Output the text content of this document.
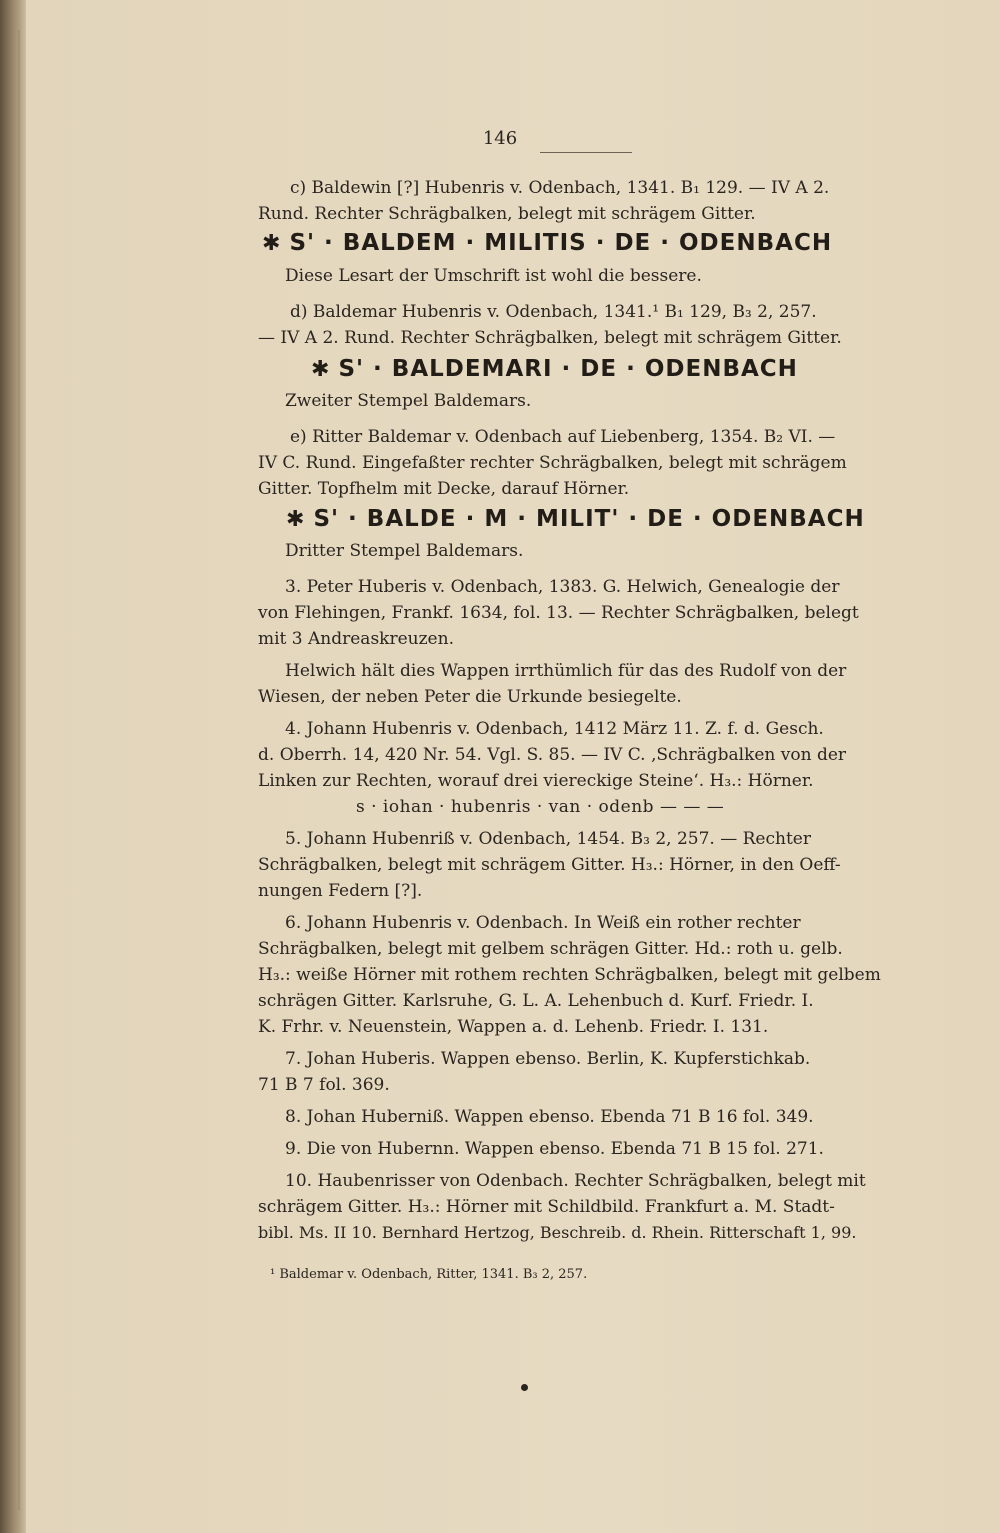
146
c) Baldewin [?] Hubenris v. Odenbach, 1341. B₁ 129. — IV A 2.
Rund. Rechter Schrägbalken, belegt mit schrägem Gitter.
✱ S' · BALDEM · MILITIS · DE · ODENBACH
Diese Lesart der Umschrift ist wohl die bessere.
d) Baldemar Hubenris v. Odenbach, 1341.¹ B₁ 129, B₃ 2, 257.
— IV A 2. Rund. Rechter Schrägbalken, belegt mit schrägem Gitter.
✱ S' · BALDEMARI · DE · ODENBACH
Zweiter Stempel Baldemars.
e) Ritter Baldemar v. Odenbach auf Liebenberg, 1354. B₂ VI. —
IV C. Rund. Eingefaßter rechter Schrägbalken, belegt mit schrägem
Gitter. Topfhelm mit Decke, darauf Hörner.
✱ S' · BALDE · M · MILIT' · DE · ODENBACH
Dritter Stempel Baldemars.
3. Peter Huberis v. Odenbach, 1383. G. Helwich, Genealogie der
von Flehingen, Frankf. 1634, fol. 13. — Rechter Schrägbalken, belegt
mit 3 Andreaskreuzen.
Helwich hält dies Wappen irrthümlich für das des Rudolf von der
Wiesen, der neben Peter die Urkunde besiegelte.
4. Johann Hubenris v. Odenbach, 1412 März 11. Z. f. d. Gesch.
d. Oberrh. 14, 420 Nr. 54. Vgl. S. 85. — IV C. ‚Schrägbalken von der
Linken zur Rechten, worauf drei viereckige Steine‘. H₃.: Hörner.
s · iohan · hubenris · van · odenb — — —
5. Johann Hubenriß v. Odenbach, 1454. B₃ 2, 257. — Rechter
Schrägbalken, belegt mit schrägem Gitter. H₃.: Hörner, in den Oeff-
nungen Federn [?].
6. Johann Hubenris v. Odenbach. In Weiß ein rother rechter
Schrägbalken, belegt mit gelbem schrägen Gitter. Hd.: roth u. gelb.
H₃.: weiße Hörner mit rothem rechten Schrägbalken, belegt mit gelbem
schrägen Gitter. Karlsruhe, G. L. A. Lehenbuch d. Kurf. Friedr. I.
K. Frhr. v. Neuenstein, Wappen a. d. Lehenb. Friedr. I. 131.
7. Johan Huberis. Wappen ebenso. Berlin, K. Kupferstichkab.
71 B 7 fol. 369.
8. Johan Huberniß. Wappen ebenso. Ebenda 71 B 16 fol. 349.
9. Die von Hubernn. Wappen ebenso. Ebenda 71 B 15 fol. 271.
10. Haubenrisser von Odenbach. Rechter Schrägbalken, belegt mit
schrägem Gitter. H₃.: Hörner mit Schildbild. Frankfurt a. M. Stadt-
bibl. Ms. II 10. Bernhard Hertzog, Beschreib. d. Rhein. Ritterschaft 1, 99.
¹ Baldemar v. Odenbach, Ritter, 1341. B₃ 2, 257.
